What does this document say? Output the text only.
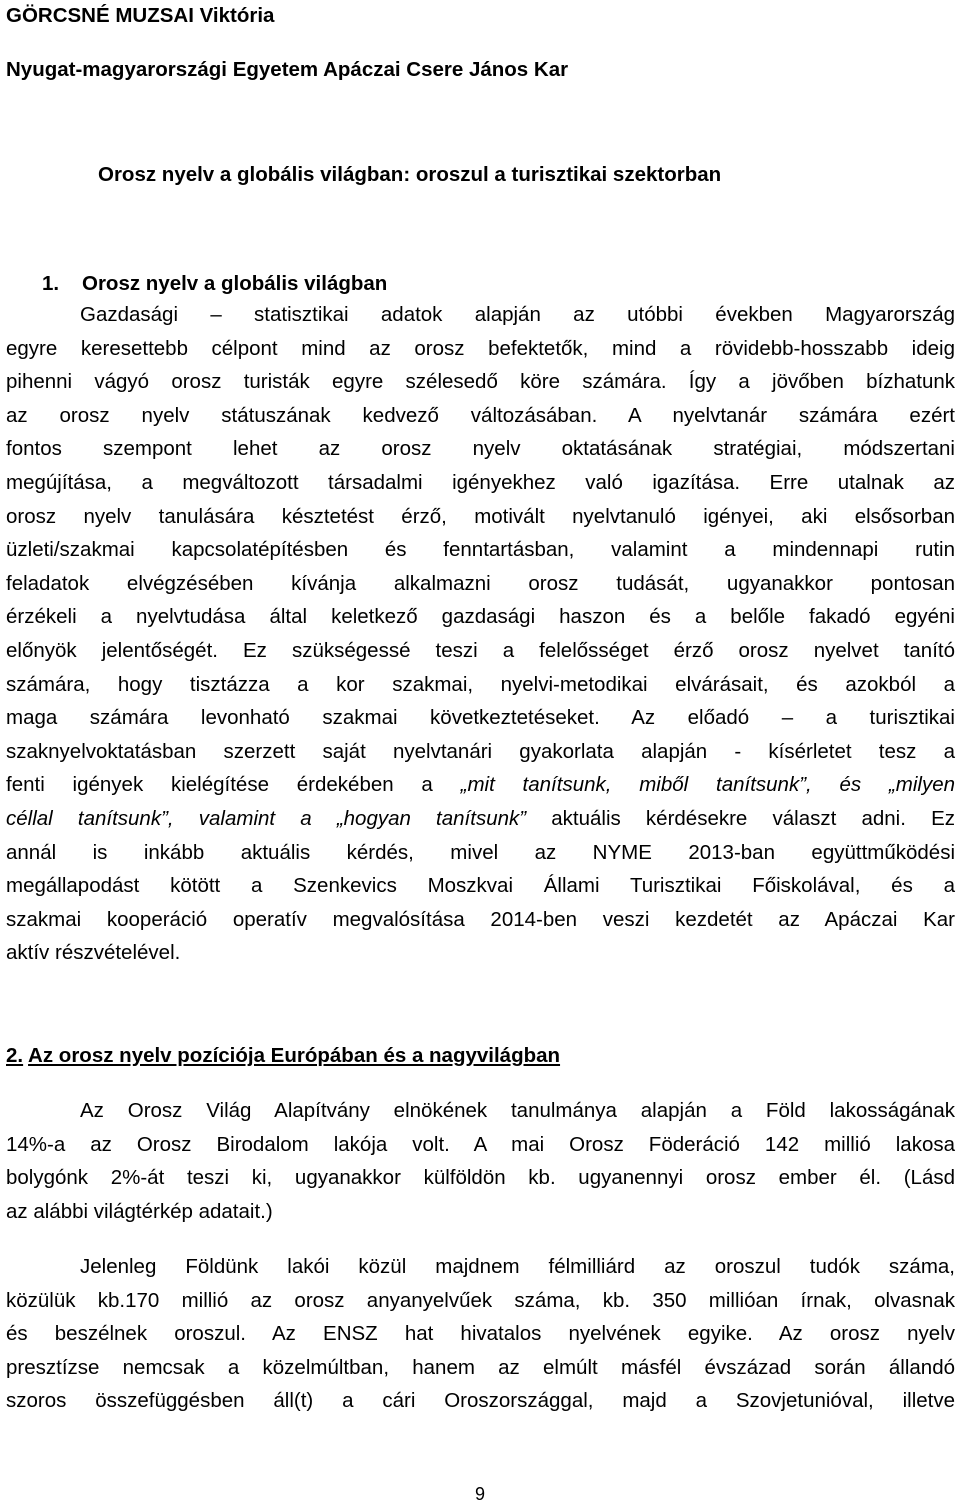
GÖRCSNÉ MUZSAI Viktória
Nyugat-magyarországi Egyetem Apáczai Csere János Kar
Orosz nyelv a globális világban: oroszul a turisztikai szektorban
1. Orosz nyelv a globális világban
Gazdasági – statisztikai adatok alapján az utóbbi években Magyarország
egyre keresettebb célpont mind az orosz befektetők, mind a rövidebb-hosszabb ideig
pihenni vágyó orosz turisták egyre szélesedő köre számára. Így a jövőben bízhatunk
az orosz nyelv státuszának kedvező változásában. A nyelvtanár számára ezért
fontos szempont lehet az orosz nyelv oktatásának stratégiai, módszertani
megújítása, a megváltozott társadalmi igényekhez való igazítása. Erre utalnak az
orosz nyelv tanulására késztetést érző, motivált nyelvtanuló igényei, aki elsősorban
üzleti/szakmai kapcsolatépítésben és fenntartásban, valamint a mindennapi rutin
feladatok elvégzésében kívánja alkalmazni orosz tudását, ugyanakkor pontosan
érzékeli a nyelvtudása által keletkező gazdasági haszon és a belőle fakadó egyéni
előnyök jelentőségét. Ez szükségessé teszi a felelősséget érző orosz nyelvet tanító
számára, hogy tisztázza a kor szakmai, nyelvi-metodikai elvárásait, és azokból a
maga számára levonható szakmai következtetéseket. Az előadó – a turisztikai
szaknyelvoktatásban szerzett saját nyelvtanári gyakorlata alapján - kísérletet tesz a
fenti igények kielégítése érdekében a „mit tanítsunk, miből tanítsunk”, és „milyen
céllal tanítsunk”, valamint a „hogyan tanítsunk” aktuális kérdésekre választ adni. Ez
annál is inkább aktuális kérdés, mivel az NYME 2013-ban együttműködési
megállapodást kötött a Szenkevics Moszkvai Állami Turisztikai Főiskolával, és a
szakmai kooperáció operatív megvalósítása 2014-ben veszi kezdetét az Apáczai Kar
aktív részvételével.
2. Az orosz nyelv pozíciója Európában és a nagyvilágban
Az Orosz Világ Alapítvány elnökének tanulmánya alapján a Föld lakosságának
14%-a az Orosz Birodalom lakója volt. A mai Orosz Föderáció 142 millió lakosa
bolygónk 2%-át teszi ki, ugyanakkor külföldön kb. ugyanennyi orosz ember él. (Lásd
az alábbi világtérkép adatait.)
Jelenleg Földünk lakói közül majdnem félmilliárd az oroszul tudók száma,
közülük kb.170 millió az orosz anyanyelvűek száma, kb. 350 millióan írnak, olvasnak
és beszélnek oroszul. Az ENSZ hat hivatalos nyelvének egyike. Az orosz nyelv
presztízse nemcsak a közelmúltban, hanem az elmúlt másfél évszázad során állandó
szoros összefüggésben áll(t) a cári Oroszországgal, majd a Szovjetunióval, illetve
9
